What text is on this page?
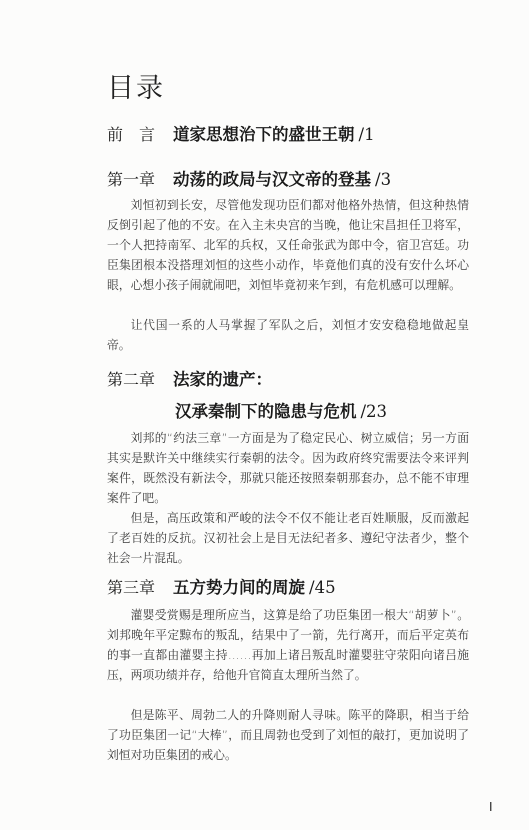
目录
前　言 道家思想治下的盛世王朝 /1
第一章 动荡的政局与汉文帝的登基 /3
刘恒初到长安，尽管他发现功臣们都对他格外热情，但这种热情反倒引起了他的不安。在入主未央宫的当晚，他让宋昌担任卫将军，一个人把持南军、北军的兵权，又任命张武为郎中令，宿卫宫廷。功臣集团根本没搭理刘恒的这些小动作，毕竟他们真的没有安什么坏心眼，心想小孩子闹就闹吧，刘恒毕竟初来乍到，有危机感可以理解。
让代国一系的人马掌握了军队之后，刘恒才安安稳稳地做起皇帝。
第二章 法家的遗产：
汉承秦制下的隐患与危机 /23
刘邦的“约法三章”一方面是为了稳定民心、树立威信；另一方面其实是默许关中继续实行秦朝的法令。因为政府终究需要法令来评判案件，既然没有新法令，那就只能还按照秦朝那套办，总不能不审理案件了吧。
但是，高压政策和严峻的法令不仅不能让老百姓顺服，反而激起了老百姓的反抗。汉初社会上是目无法纪者多、遵纪守法者少，整个社会一片混乱。
第三章 五方势力间的周旋 /45
灌婴受赏赐是理所应当，这算是给了功臣集团一根大“胡萝卜”。刘邦晚年平定黥布的叛乱，结果中了一箭，先行离开，而后平定英布的事一直都由灌婴主持……再加上诸吕叛乱时灌婴驻守荥阳向诸吕施压，两项功绩并存，给他升官简直太理所当然了。
但是陈平、周勃二人的升降则耐人寻味。陈平的降职，相当于给了功臣集团一记“大棒”，而且周勃也受到了刘恒的敲打，更加说明了刘恒对功臣集团的戒心。
I
